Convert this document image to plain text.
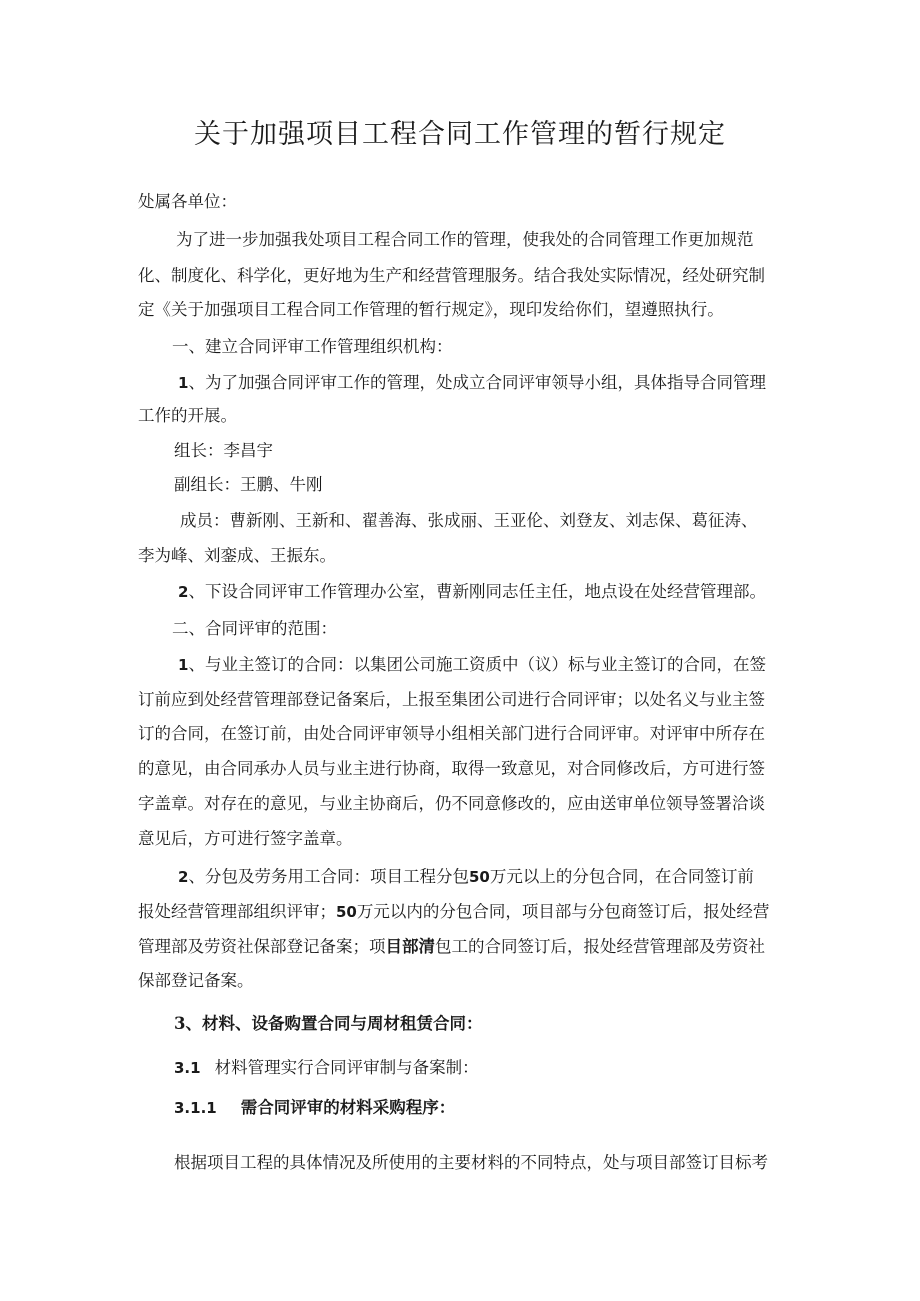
关于加强项目工程合同工作管理的暂行规定

处属各单位：

为了进一步加强我处项目工程合同工作的管理，使我处的合同管理工作更加规范

化、制度化、科学化，更好地为生产和经营管理服务。结合我处实际情况，经处研究制

定《关于加强项目工程合同工作管理的暂行规定》，现印发给你们，望遵照执行。

一、建立合同评审工作管理组织机构：

1、为了加强合同评审工作的管理，处成立合同评审领导小组，具体指导合同管理

工作的开展。

组长：李昌宇

副组长：王鹏、牛刚

成员：曹新刚、王新和、翟善海、张成丽、王亚伦、刘登友、刘志保、葛征涛、

李为峰、刘銮成、王振东。

2、下设合同评审工作管理办公室，曹新刚同志任主任，地点设在处经营管理部。

二、合同评审的范围：

1、与业主签订的合同：以集团公司施工资质中（议）标与业主签订的合同，在签

订前应到处经营管理部登记备案后，上报至集团公司进行合同评审；以处名义与业主签

订的合同，在签订前，由处合同评审领导小组相关部门进行合同评审。对评审中所存在

的意见，由合同承办人员与业主进行协商，取得一致意见，对合同修改后，方可进行签

字盖章。对存在的意见，与业主协商后，仍不同意修改的，应由送审单位领导签署洽谈

意见后，方可进行签字盖章。

2、分包及劳务用工合同：项目工程分包50万元以上的分包合同，在合同签订前

报处经营管理部组织评审；50万元以内的分包合同，项目部与分包商签订后，报处经营

管理部及劳资社保部登记备案；项目部清包工的合同签订后，报处经营管理部及劳资社

保部登记备案。

3、材料、设备购置合同与周材租赁合同：

3.1 材料管理实行合同评审制与备案制：

3.1.1 需合同评审的材料采购程序：

根据项目工程的具体情况及所使用的主要材料的不同特点，处与项目部签订目标考
